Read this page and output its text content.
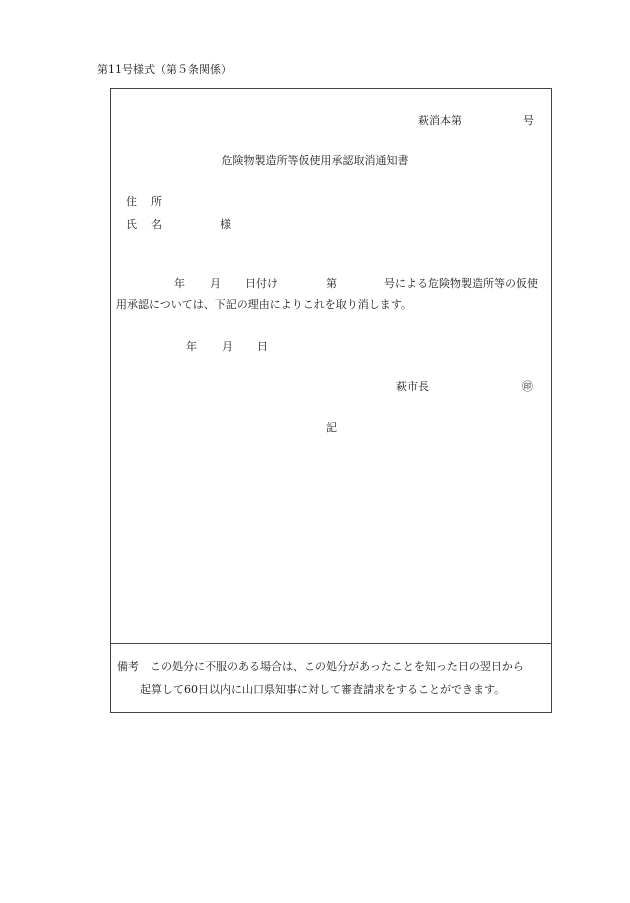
第11号様式（第５条関係）
萩消本第	号
危険物製造所等仮使用承認取消通知書
住 所
氏 名	様
年 月 日付け	第	号による危険物製造所等の仮使
用承認については、下記の理由によりこれを取り消します。
年 月 日
萩市長	㊞
記
備考　この処分に不服のある場合は、この処分があったことを知った日の翌日から
起算して60日以内に山口県知事に対して審査請求をすることができます。
